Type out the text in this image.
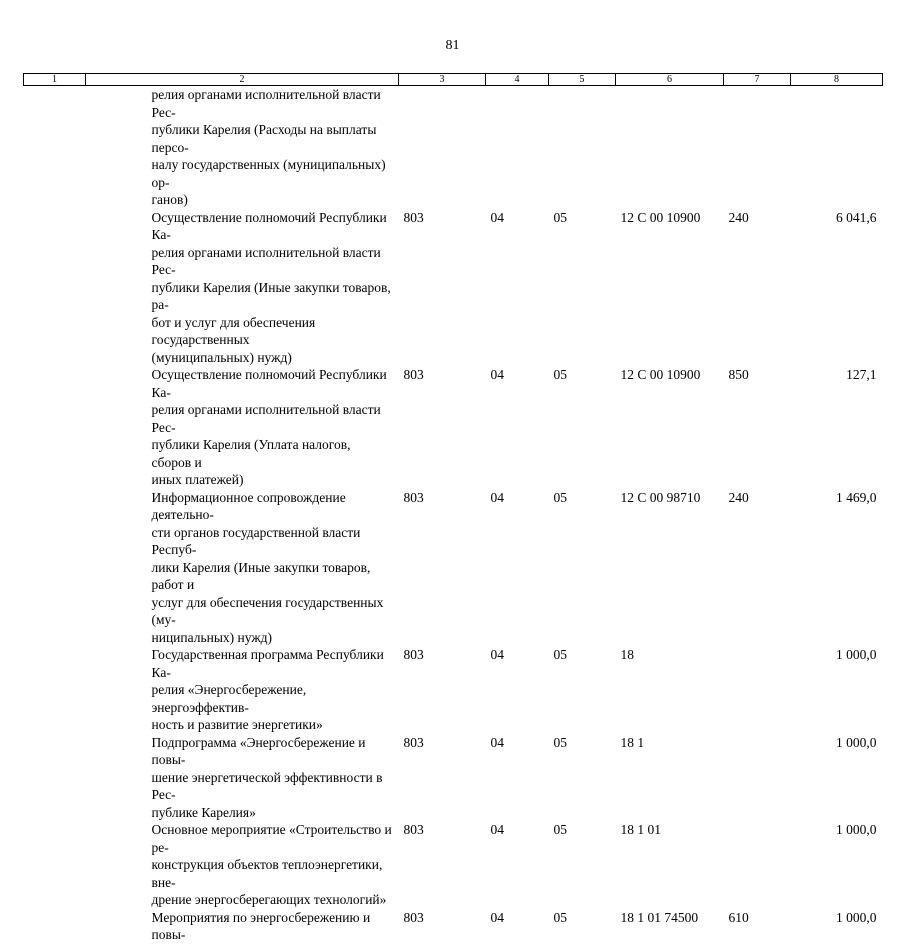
81
1	2	3	4	5	6	7	8
	релия органами исполнительной власти Рес-
публики Карелия (Расходы на выплаты персо-
налу государственных (муниципальных) ор-
ганов)						
	Осуществление полномочий Республики Ка-
релия органами исполнительной власти Рес-
публики Карелия (Иные закупки товаров, ра-
бот и услуг для обеспечения государственных
(муниципальных) нужд)	803	04	05	12 С 00 10900	240	6 041,6
	Осуществление полномочий Республики Ка-
релия органами исполнительной власти Рес-
публики Карелия (Уплата налогов, сборов и
иных платежей)	803	04	05	12 С 00 10900	850	127,1
	Информационное сопровождение деятельно-
сти органов государственной власти Респуб-
лики Карелия (Иные закупки товаров, работ и
услуг для обеспечения государственных (му-
ниципальных) нужд)	803	04	05	12 С 00 98710	240	1 469,0
	Государственная программа Республики Ка-
релия «Энергосбережение, энергоэффектив-
ность и развитие энергетики»	803	04	05	18		1 000,0
	Подпрограмма «Энергосбережение и повы-
шение энергетической эффективности в Рес-
публике Карелия»	803	04	05	18 1		1 000,0
	Основное мероприятие «Строительство и ре-
конструкция объектов теплоэнергетики, вне-
дрение энергосберегающих технологий»	803	04	05	18 1 01		1 000,0
	Мероприятия по энергосбережению и повы-	803	04	05	18 1 01 74500	610	1 000,0
